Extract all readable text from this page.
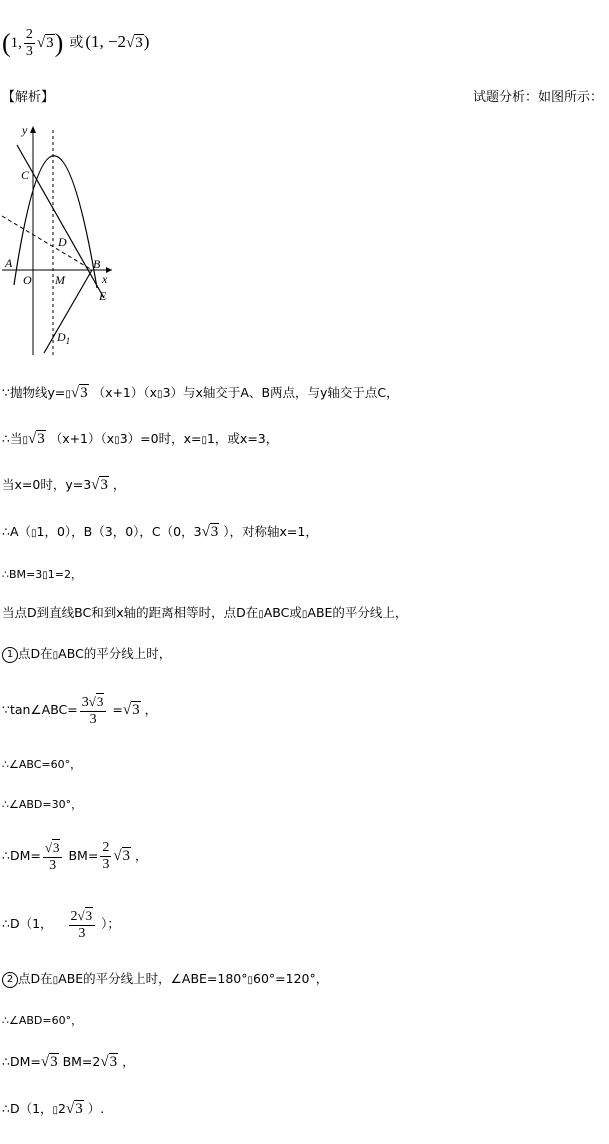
(1, $\frac{2}{3} √3$) 或 (1, −2√3)
【解析】	试题分析：如图所示：
y
x
C
D
A
O M
B
E
$D_1$
∵抛物线y=▯√3 （x+1）（x▯3）与x轴交于A、B两点，与y轴交于点C，
∴当▯√3 （x+1）（x▯3）=0时，x=▯1，或x=3，
当x=0时，y=3√3 ，
∴A（▯1，0），B（3，0），C（0，3√3 ），对称轴x=1，
∴BM=3▯1=2，
当点D到直线BC和到x轴的距离相等时，点D在▯ABC或▯ABE的平分线上，
1 点D在▯ABC的平分线上时，
∵tan∠ABC= $\frac{3√3}{3} =√3$ ，
∴∠ABC=60°，
∴∠ABD=30°，
∴DM= $\frac{√3}{3} BM= \frac{2}{3} √3$ ，
∴D（1， $\frac{2√3}{3}$ ）；
2 点D在▯ABE的平分线上时，∠ABE=180°▯60°=120°，
∴∠ABD=60°，
∴DM=√3 BM=2√3 ，
∴D（1，▯2√3 ）.
